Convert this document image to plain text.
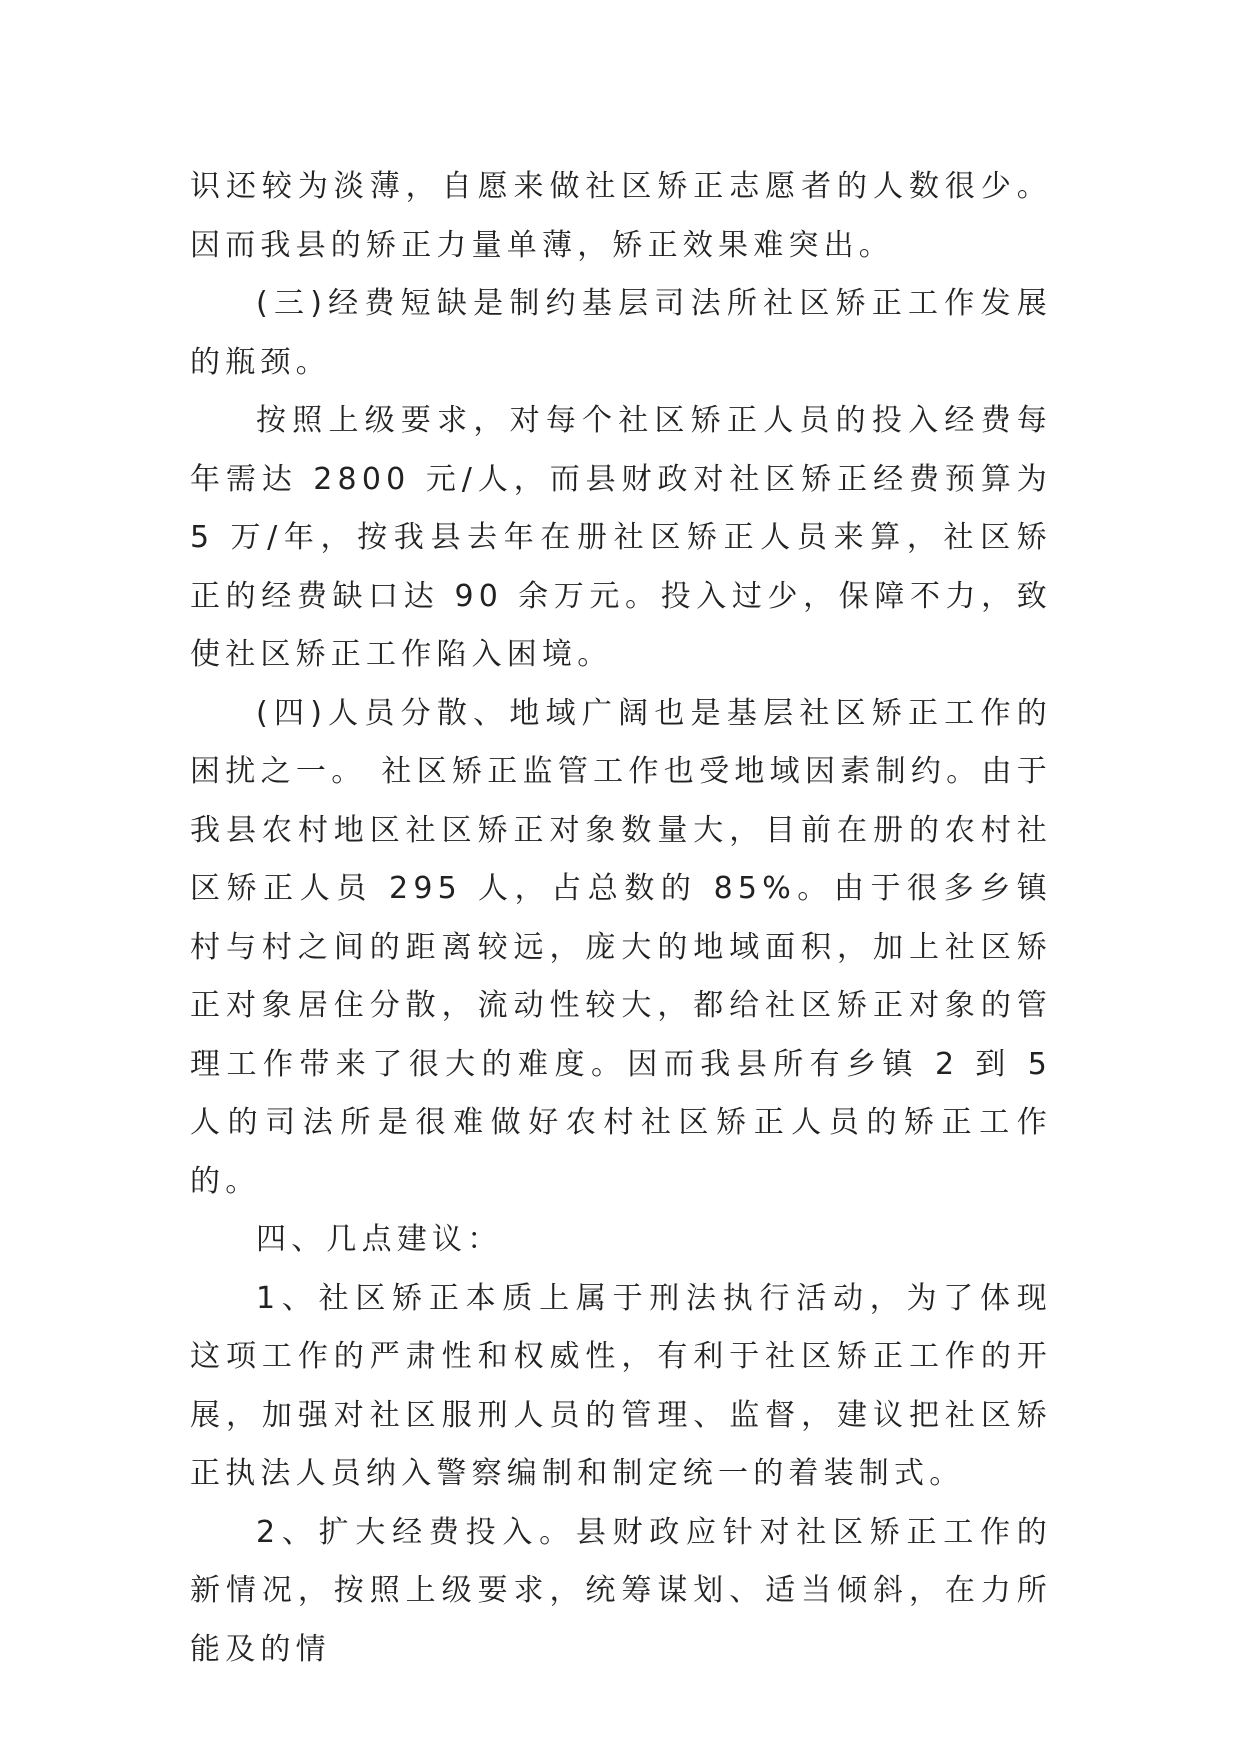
识还较为淡薄，自愿来做社区矫正志愿者的人数很少。因而我县的矫正力量单薄，矫正效果难突出。

(三)经费短缺是制约基层司法所社区矫正工作发展的瓶颈。

按照上级要求，对每个社区矫正人员的投入经费每年需达 2800 元/人，而县财政对社区矫正经费预算为 5 万/年，按我县去年在册社区矫正人员来算，社区矫正的经费缺口达 90 余万元。投入过少，保障不力，致使社区矫正工作陷入困境。

(四)人员分散、地域广阔也是基层社区矫正工作的困扰之一。 社区矫正监管工作也受地域因素制约。由于我县农村地区社区矫正对象数量大，目前在册的农村社区矫正人员 295 人，占总数的 85%。由于很多乡镇村与村之间的距离较远，庞大的地域面积，加上社区矫正对象居住分散，流动性较大，都给社区矫正对象的管理工作带来了很大的难度。因而我县所有乡镇 2 到 5 人的司法所是很难做好农村社区矫正人员的矫正工作的。

四、几点建议：

1、社区矫正本质上属于刑法执行活动，为了体现这项工作的严肃性和权威性，有利于社区矫正工作的开展，加强对社区服刑人员的管理、监督，建议把社区矫正执法人员纳入警察编制和制定统一的着装制式。

2、扩大经费投入。县财政应针对社区矫正工作的新情况，按照上级要求，统筹谋划、适当倾斜，在力所能及的情
